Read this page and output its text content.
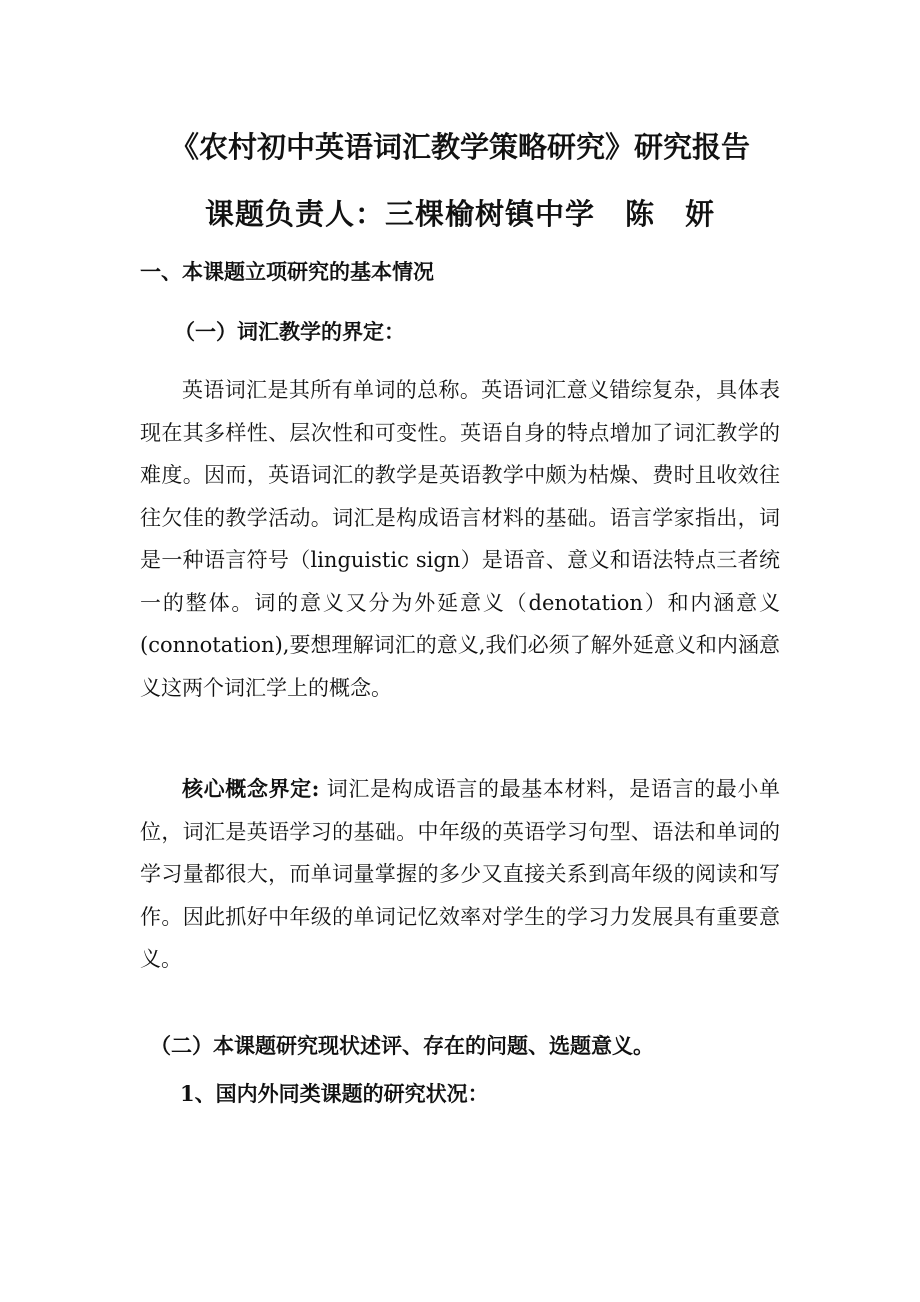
《农村初中英语词汇教学策略研究》研究报告
课题负责人：三棵榆树镇中学　陈　妍
一、本课题立项研究的基本情况
（一）词汇教学的界定：
英语词汇是其所有单词的总称。英语词汇意义错综复杂，具体表现在其多样性、层次性和可变性。英语自身的特点增加了词汇教学的难度。因而，英语词汇的教学是英语教学中颇为枯燥、费时且收效往往欠佳的教学活动。词汇是构成语言材料的基础。语言学家指出，词是一种语言符号（linguistic sign）是语音、意义和语法特点三者统一的整体。词的意义又分为外延意义（denotation）和内涵意义(connotation),要想理解词汇的意义,我们必须了解外延意义和内涵意义这两个词汇学上的概念。
核心概念界定: 词汇是构成语言的最基本材料，是语言的最小单位，词汇是英语学习的基础。中年级的英语学习句型、语法和单词的学习量都很大，而单词量掌握的多少又直接关系到高年级的阅读和写作。因此抓好中年级的单词记忆效率对学生的学习力发展具有重要意义。
（二）本课题研究现状述评、存在的问题、选题意义。
1、国内外同类课题的研究状况：
